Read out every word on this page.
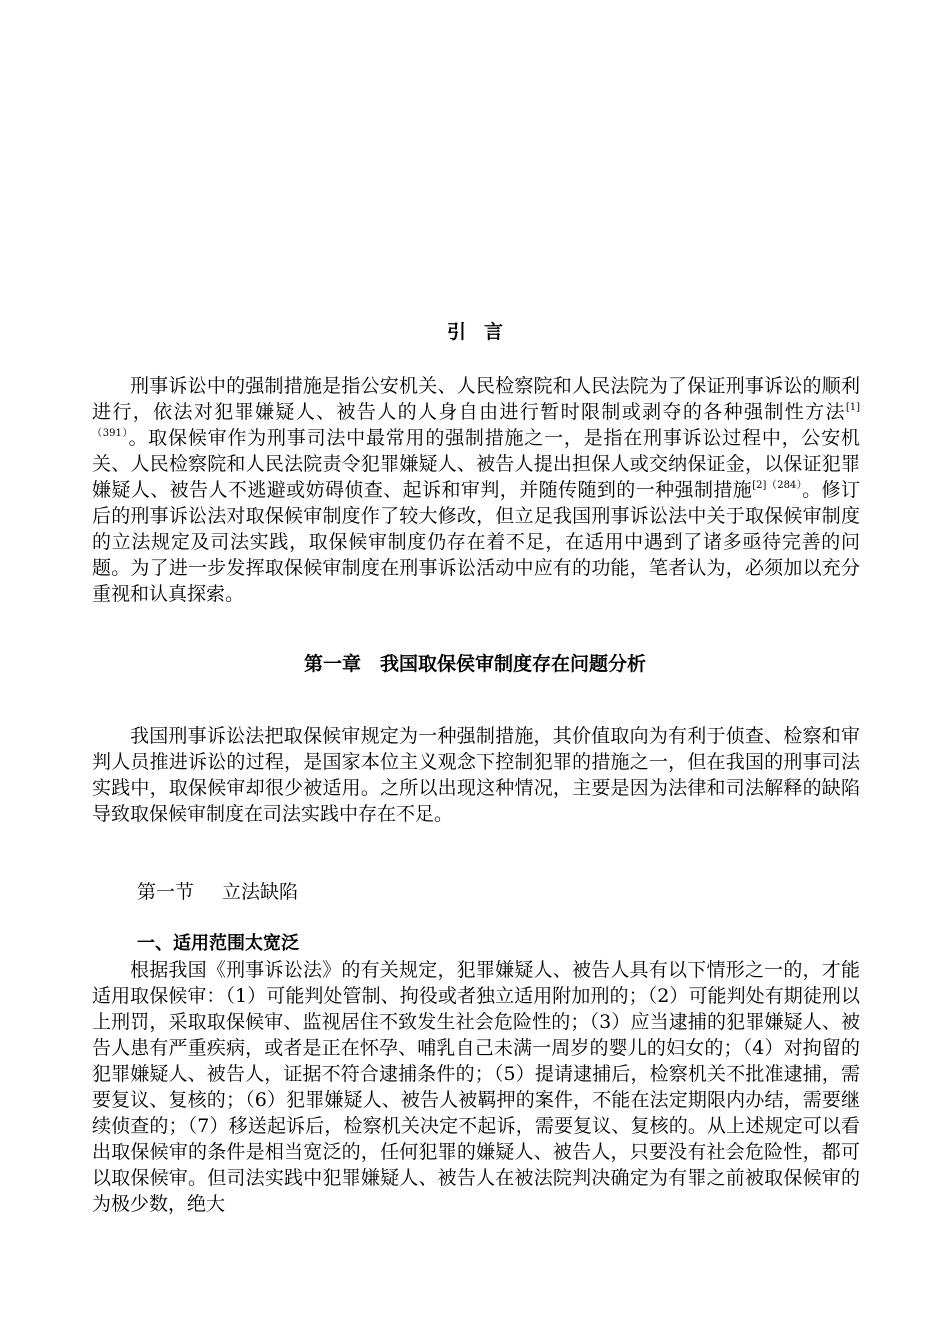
引言

刑事诉讼中的强制措施是指公安机关、人民检察院和人民法院为了保证刑事诉讼的顺利进行，依法对犯罪嫌疑人、被告人的人身自由进行暂时限制或剥夺的各种强制性方法$^{[1](391)}$。取保候审作为刑事司法中最常用的强制措施之一，是指在刑事诉讼过程中，公安机关、人民检察院和人民法院责令犯罪嫌疑人、被告人提出担保人或交纳保证金，以保证犯罪嫌疑人、被告人不逃避或妨碍侦查、起诉和审判，并随传随到的一种强制措施$^{[2](284)}$。修订后的刑事诉讼法对取保候审制度作了较大修改，但立足我国刑事诉讼法中关于取保候审制度的立法规定及司法实践，取保候审制度仍存在着不足，在适用中遇到了诸多亟待完善的问题。为了进一步发挥取保候审制度在刑事诉讼活动中应有的功能，笔者认为，必须加以充分重视和认真探索。

第一章　我国取保侯审制度存在问题分析

我国刑事诉讼法把取保候审规定为一种强制措施，其价值取向为有利于侦查、检察和审判人员推进诉讼的过程，是国家本位主义观念下控制犯罪的措施之一，但在我国的刑事司法实践中，取保候审却很少被适用。之所以出现这种情况，主要是因为法律和司法解释的缺陷导致取保候审制度在司法实践中存在不足。

第一节 立法缺陷
一、适用范围太宽泛

根据我国《刑事诉讼法》的有关规定，犯罪嫌疑人、被告人具有以下情形之一的，才能适用取保候审：（1）可能判处管制、拘役或者独立适用附加刑的；（2）可能判处有期徒刑以上刑罚，采取取保候审、监视居住不致发生社会危险性的；（3）应当逮捕的犯罪嫌疑人、被告人患有严重疾病，或者是正在怀孕、哺乳自己未满一周岁的婴儿的妇女的；（4）对拘留的犯罪嫌疑人、被告人，证据不符合逮捕条件的；（5）提请逮捕后，检察机关不批准逮捕，需要复议、复核的；（6）犯罪嫌疑人、被告人被羁押的案件，不能在法定期限内办结，需要继续侦查的；（7）移送起诉后，检察机关决定不起诉，需要复议、复核的。从上述规定可以看出取保候审的条件是相当宽泛的，任何犯罪的嫌疑人、被告人，只要没有社会危险性，都可以取保候审。但司法实践中犯罪嫌疑人、被告人在被法院判决确定为有罪之前被取保候审的为极少数，绝大
